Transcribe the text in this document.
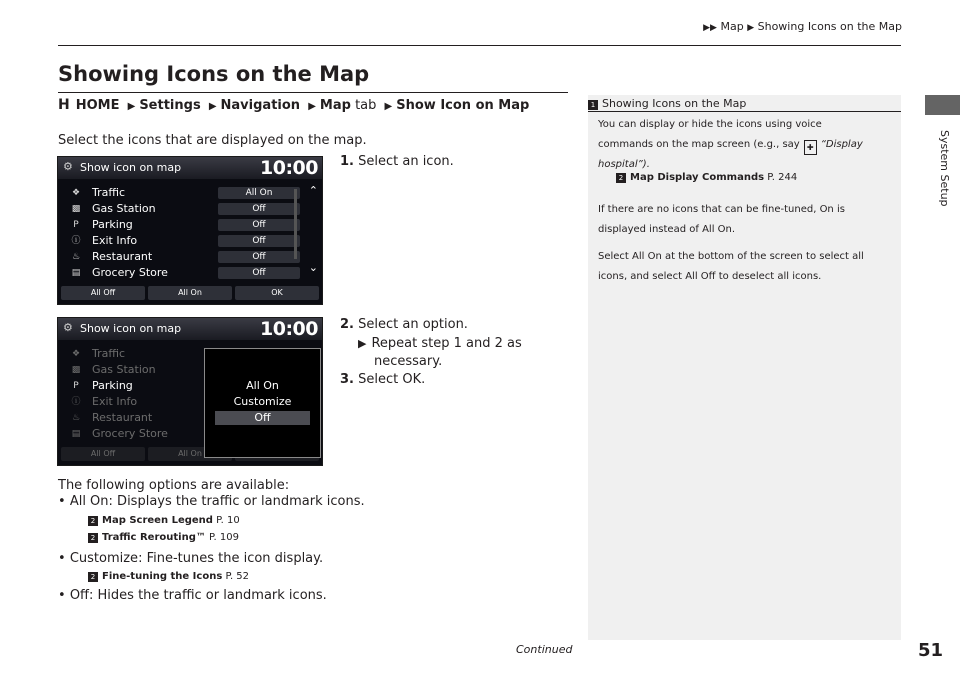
▶▶ Map ▶ Showing Icons on the Map
System Setup
Showing Icons on the Map
H HOME ▶ Settings ▶ Navigation ▶ Map tab ▶ Show Icon on Map
Select the icons that are displayed on the map.
⚙ Show icon on map	10:00
❖ Traffic	All On
▩ Gas Station	Off
P Parking	Off
ⓘ Exit Info	Off
♨ Restaurant	Off
▤ Grocery Store	Off
⌃
⌄
All Off	All On	OK
⚙ Show icon on map	10:00
❖ Traffic
▩ Gas Station
P Parking
ⓘ Exit Info
♨ Restaurant
▤ Grocery Store
All Off	All On
All On
Customize
Off
1. Select an icon.
2. Select an option.
▶ Repeat step 1 and 2 as
necessary.
3. Select OK.
The following options are available:
• All On: Displays the traffic or landmark icons.
2 Map Screen Legend P. 10
2 Traffic Rerouting™ P. 109
• Customize: Fine-tunes the icon display.
2 Fine-tuning the Icons P. 52
• Off: Hides the traffic or landmark icons.
1 Showing Icons on the Map
You can display or hide the icons using voice
commands on the map screen (e.g., say ✚ “Display
hospital”).
2 Map Display Commands P. 244
If there are no icons that can be fine-tuned, On is
displayed instead of All On.
Select All On at the bottom of the screen to select all
icons, and select All Off to deselect all icons.
Continued	51
